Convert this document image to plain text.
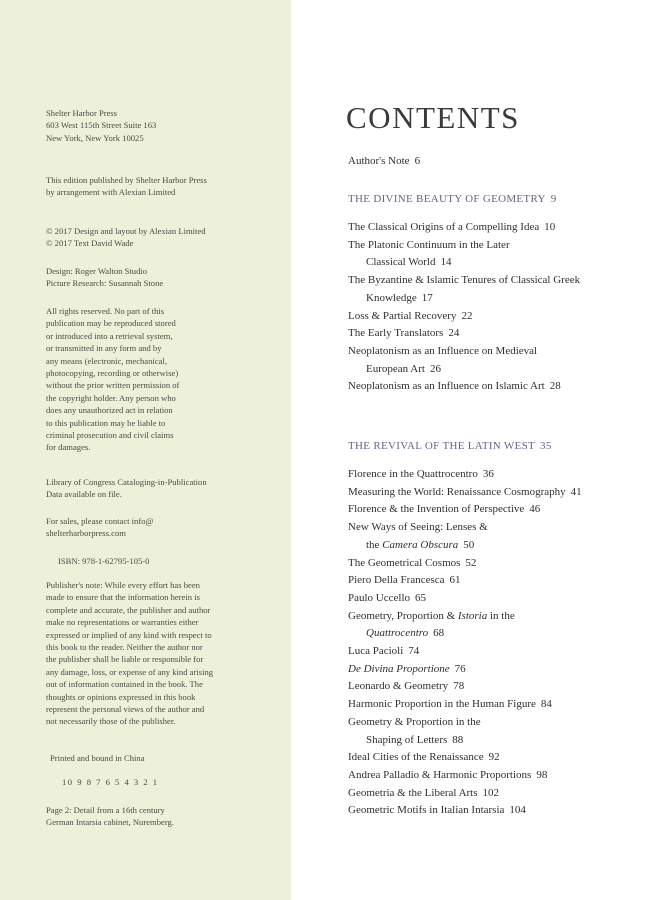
Shelter Harbor Press
603 West 115th Street Suite 163
New York, New York 10025
This edition published by Shelter Harbor Press
by arrangement with Alexian Limited
© 2017 Design and layout by Alexian Limited
© 2017 Text David Wade
Design: Roger Walton Studio
Picture Research: Susannah Stone
All rights reserved. No part of this
publication may be reproduced stored
or introduced into a retrieval system,
or transmitted in any form and by
any means (electronic, mechanical,
photocopying, recording or otherwise)
without the prior written permission of
the copyright holder. Any person who
does any unauthorized act in relation
to this publication may be liable to
criminal prosecution and civil claims
for damages.
Library of Congress Cataloging-in-Publication
Data available on file.
For sales, please contact info@
shelterharborpress.com
ISBN: 978-1-62795-105-0
Publisher's note: While every effort has been
made to ensure that the information herein is
complete and accurate, the publisher and author
make no representations or warranties either
expressed or implied of any kind with respect to
this book to the reader. Neither the author nor
the publisher shall be liable or responsible for
any damage, loss, or expense of any kind arising
out of information contained in the book. The
thoughts or opinions expressed in this book
represent the personal views of the author and
not necessarily those of the publisher.
Printed and bound in China
10 9 8 7 6 5 4 3 2 1
Page 2: Detail from a 16th century
German Intarsia cabinet, Nuremberg.
CONTENTS
Author's Note 6
THE DIVINE BEAUTY OF GEOMETRY 9
The Classical Origins of a Compelling Idea 10
The Platonic Continuum in the Later
Classical World 14
The Byzantine & Islamic Tenures of Classical Greek
Knowledge 17
Loss & Partial Recovery 22
The Early Translators 24
Neoplatonism as an Influence on Medieval
European Art 26
Neoplatonism as an Influence on Islamic Art 28
THE REVIVAL OF THE LATIN WEST 35
Florence in the Quattrocentro 36
Measuring the World: Renaissance Cosmography 41
Florence & the Invention of Perspective 46
New Ways of Seeing: Lenses &
the Camera Obscura 50
The Geometrical Cosmos 52
Piero Della Francesca 61
Paulo Uccello 65
Geometry, Proportion & Istoria in the
Quattrocentro 68
Luca Pacioli 74
De Divina Proportione 76
Leonardo & Geometry 78
Harmonic Proportion in the Human Figure 84
Geometry & Proportion in the
Shaping of Letters 88
Ideal Cities of the Renaissance 92
Andrea Palladio & Harmonic Proportions 98
Geometria & the Liberal Arts 102
Geometric Motifs in Italian Intarsia 104
